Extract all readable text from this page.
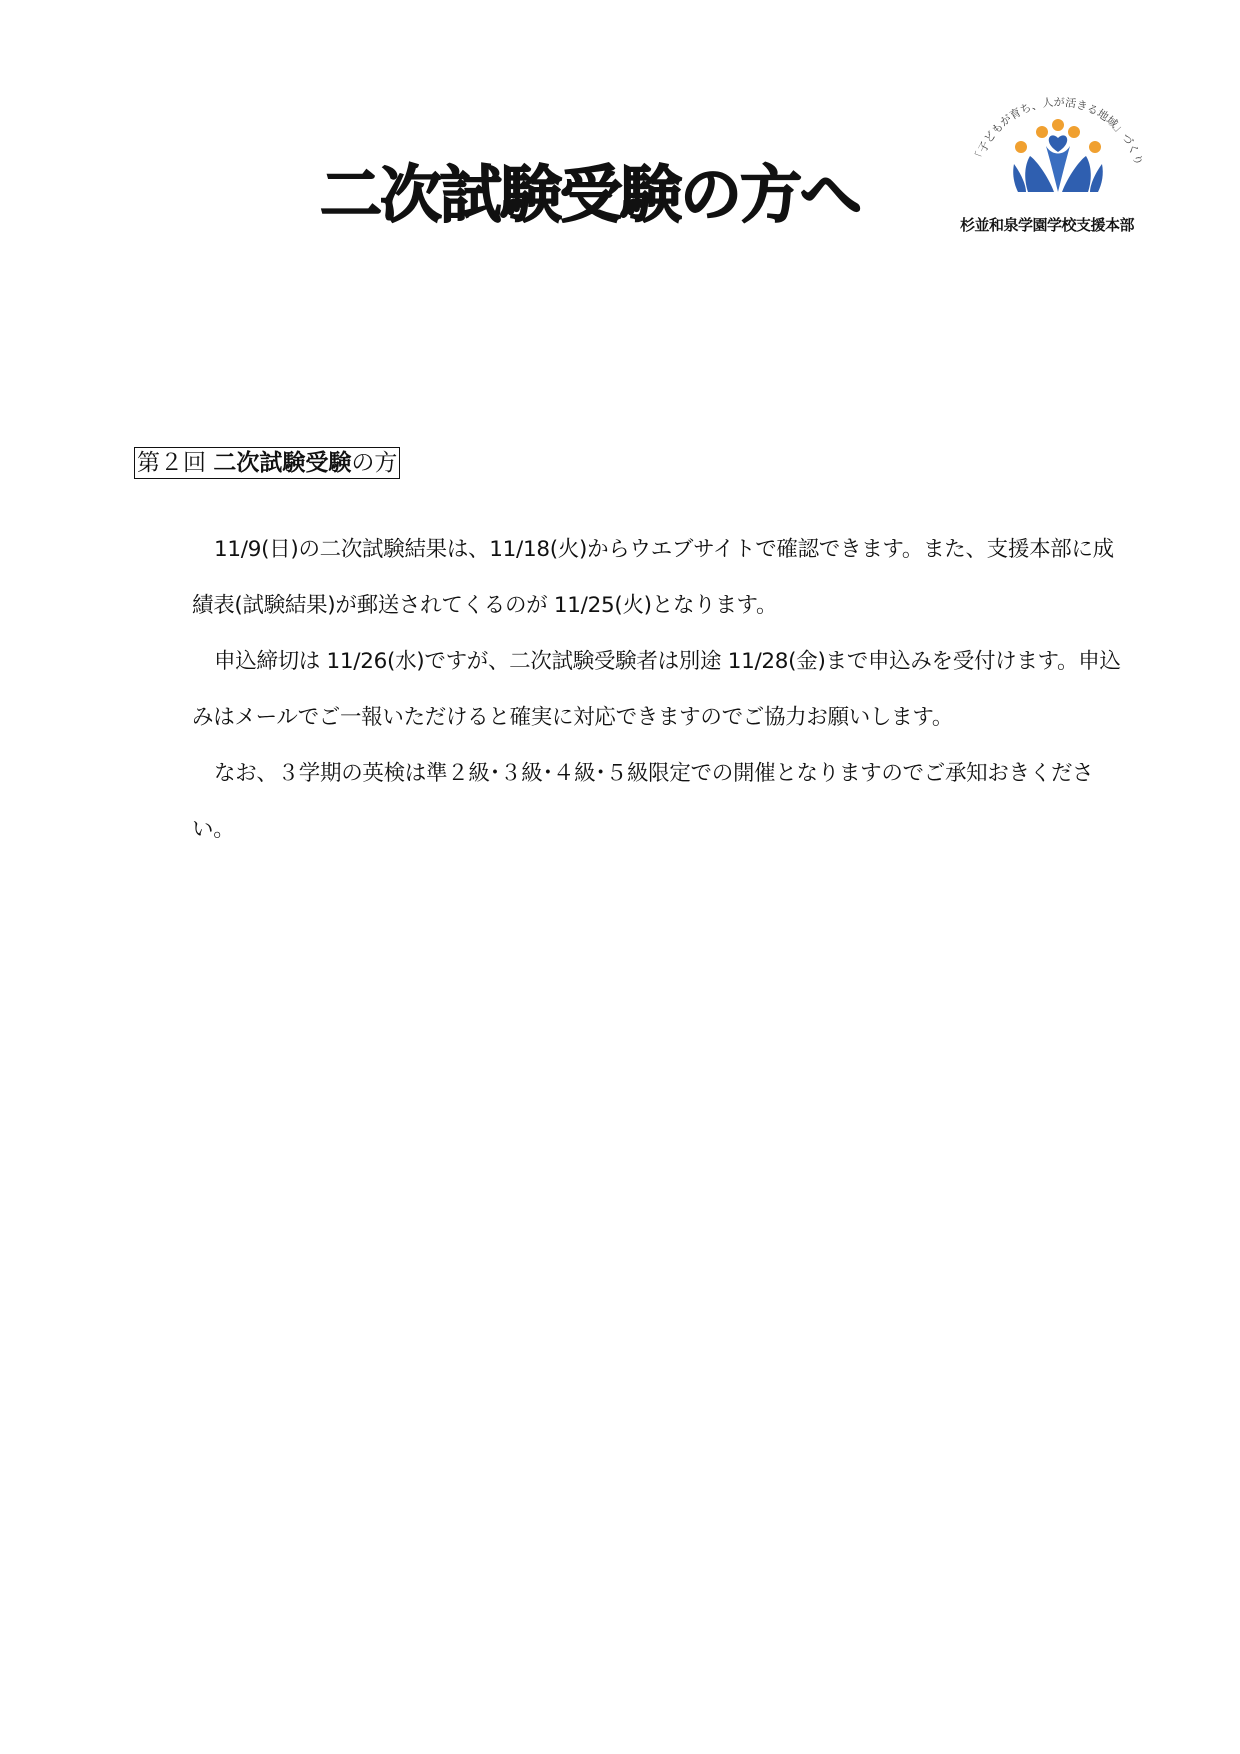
二次試験受験の方へ
「子どもが育ち、人が活きる地域」づくり
杉並和泉学園学校支援本部
第２回 二次試験受験の方

11/9(日)の二次試験結果は、11/18(火)からウエブサイトで確認できます。また、支援本部に成績表(試験結果)が郵送されてくるのが 11/25(火)となります。

申込締切は 11/26(水)ですが、二次試験受験者は別途 11/28(金)まで申込みを受付けます。申込みはメールでご一報いただけると確実に対応できますのでご協力お願いします。

なお、３学期の英検は準２級･３級･４級･５級限定での開催となりますのでご承知おきください。
